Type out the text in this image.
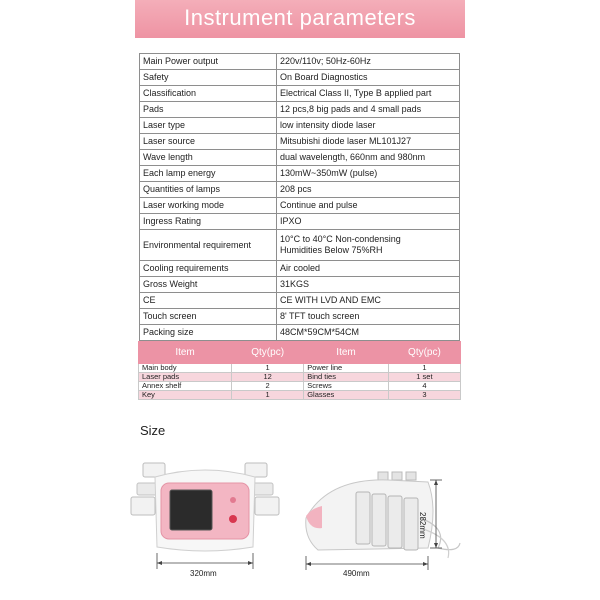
Instrument parameters
Main Power output	220v/110v; 50Hz-60Hz
Safety	On Board Diagnostics
Classification	Electrical Class II, Type B applied part
Pads	12 pcs,8 big pads and 4 small pads
Laser type	low intensity diode laser
Laser source	Mitsubishi diode laser ML101J27
Wave length	dual wavelength, 660nm and 980nm
Each lamp energy	130mW~350mW (pulse)
Quantities of lamps	208 pcs
Laser working mode	Continue and pulse
Ingress Rating	IPXO
Environmental requirement	10°C to 40°C Non-condensing
Humidities Below 75%RH

Cooling requirements	Air cooled
Gross Weight	31KGS
CE	CE WITH LVD AND EMC
Touch screen	8' TFT touch screen
Packing size	48CM*59CM*54CM
Item	Qty(pc)	Item	Qty(pc)
Main body	1	Power line	1
Laser pads	12	Bind ties	1 set
Annex shelf	2	Screws	4
Key	1	Glasses	3
Size
320mm	490mm
282mm
